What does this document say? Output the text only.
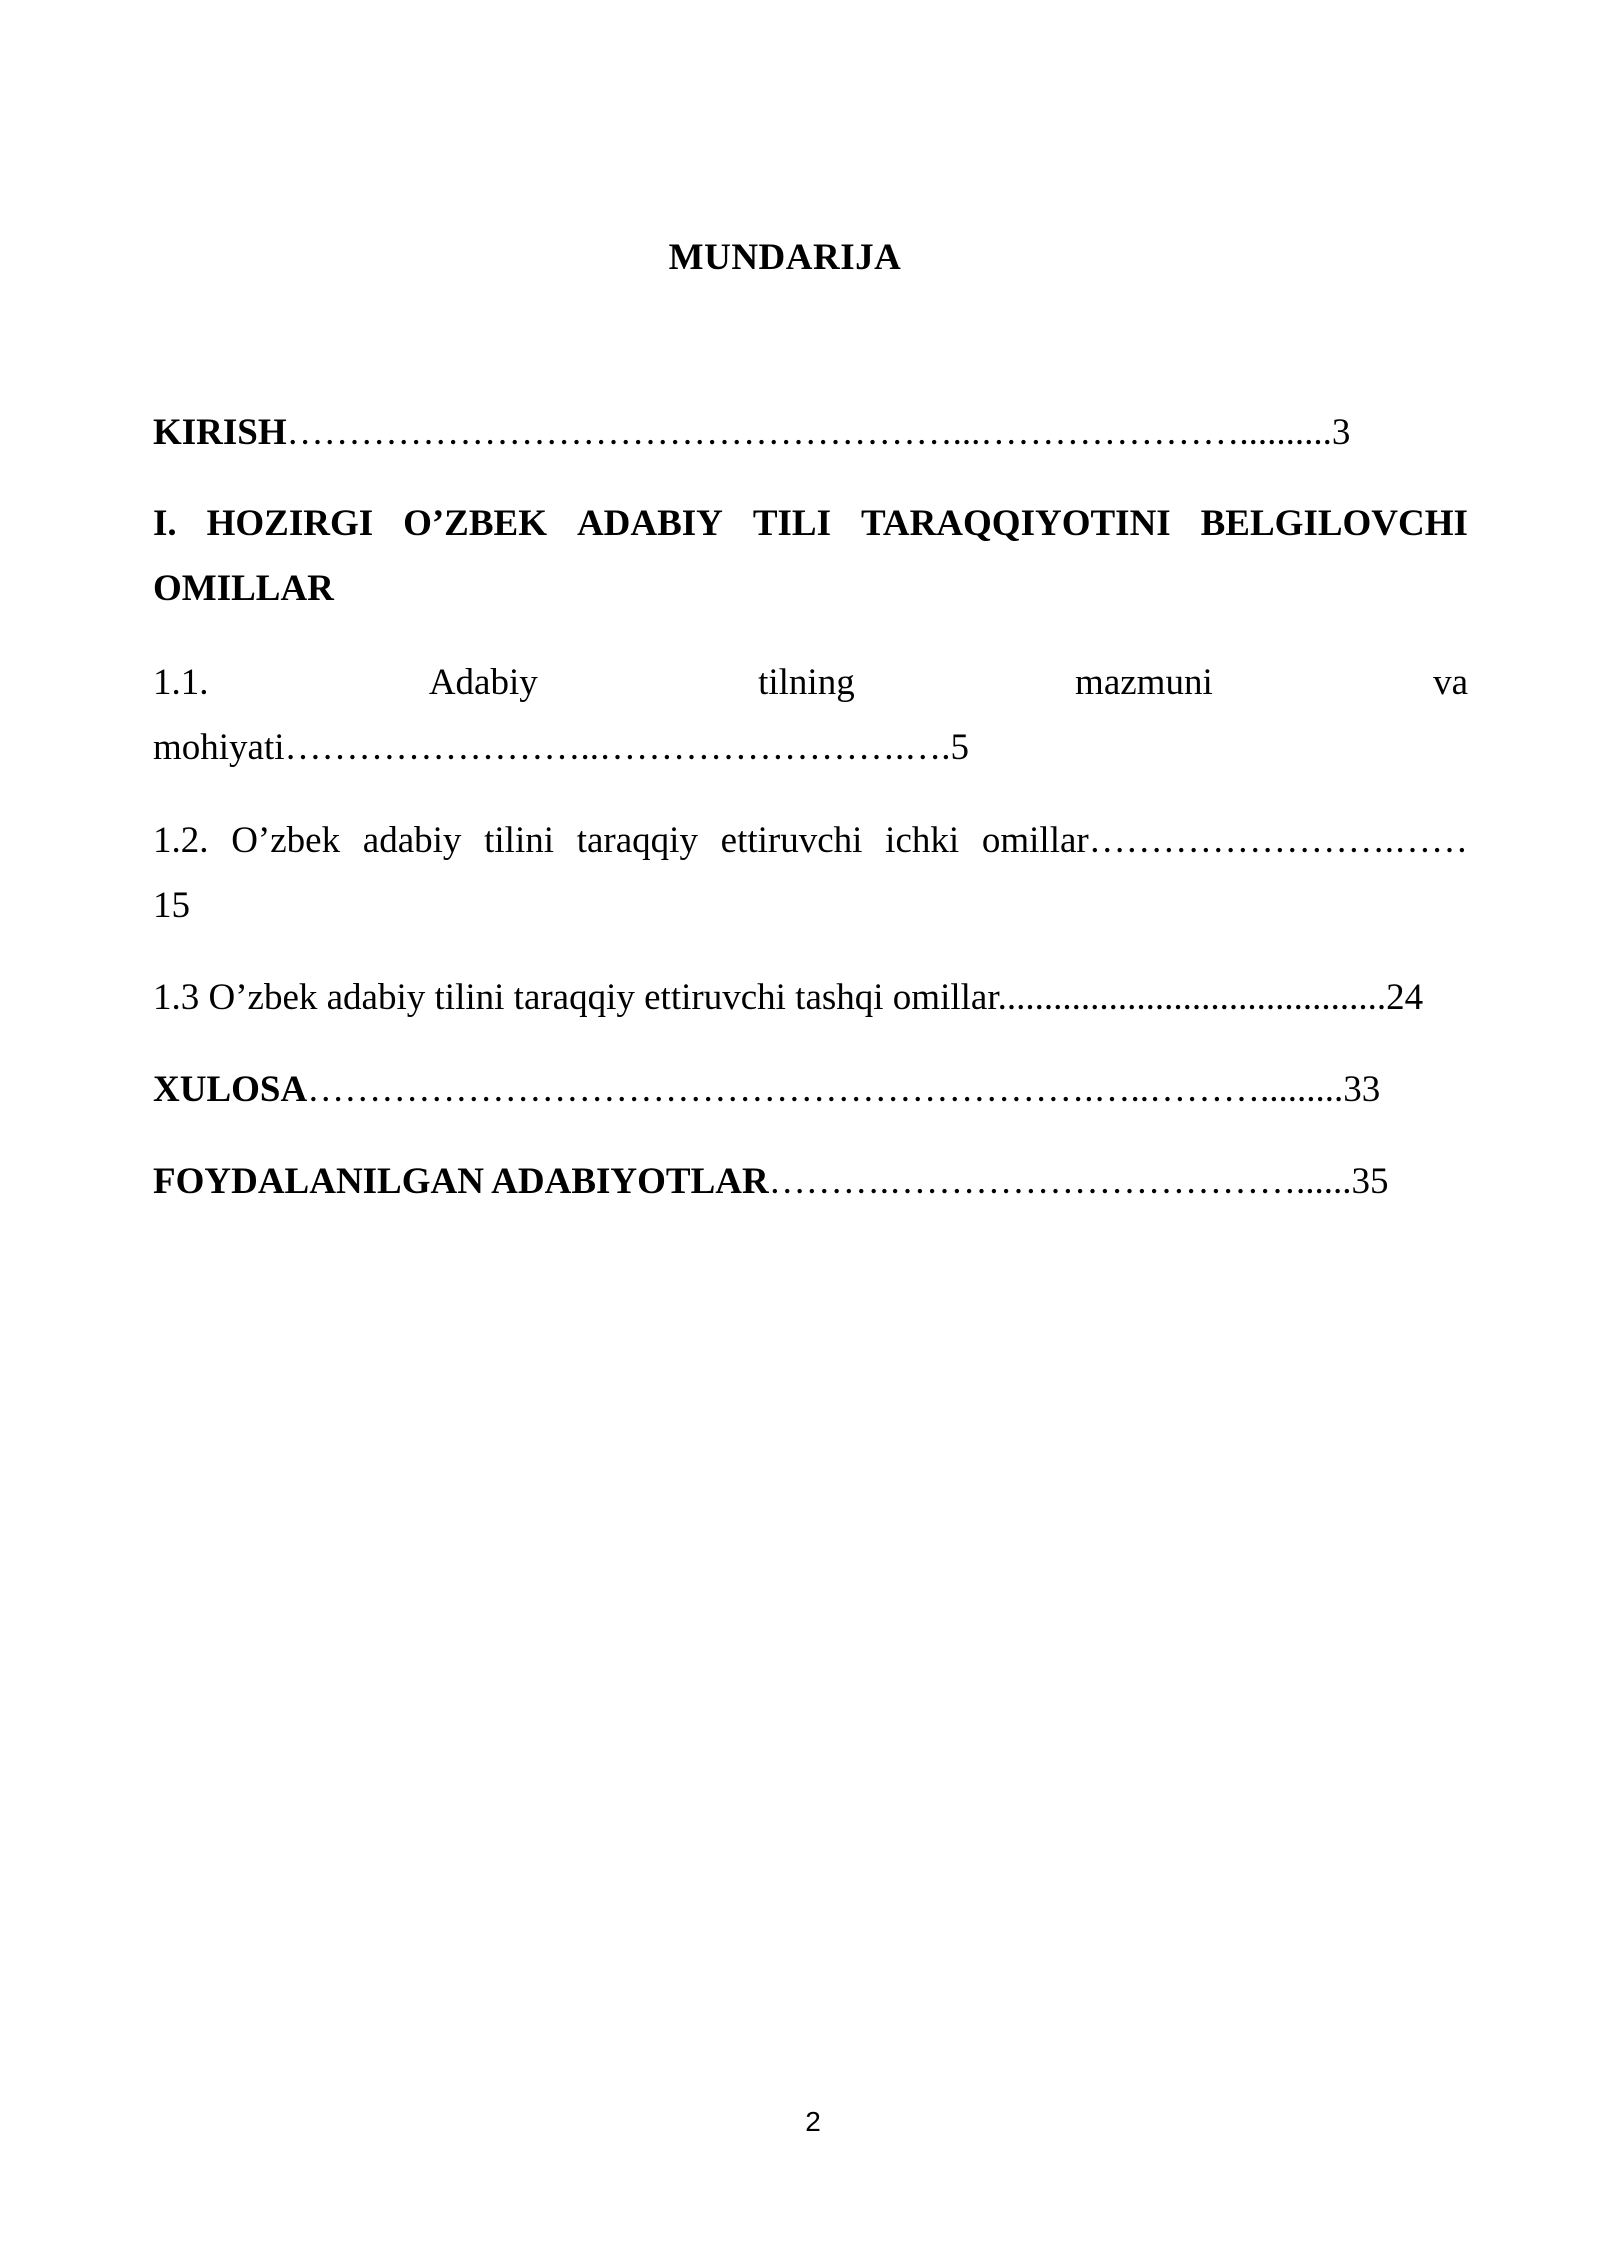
MUNDARIJA
KIRISH………………………………………………...…………………..........3
I. HOZIRGI O’ZBEK ADABIY TILI TARAQQIYOTINI BELGILOVCHI
OMILLAR
1.1.	Adabiy	tilning	mazmuni	va
mohiyati……………………..…………………….….5
1.2. O’zbek adabiy tilini taraqqiy ettiruvchi ichki omillar…………………….……
15
1.3 O’zbek adabiy tilini taraqqiy ettiruvchi tashqi omillar..........................................24
XULOSA……………………………………………………….…..……….........33
FOYDALANILGAN ADABIYOTLAR……….……………………………......35
2
